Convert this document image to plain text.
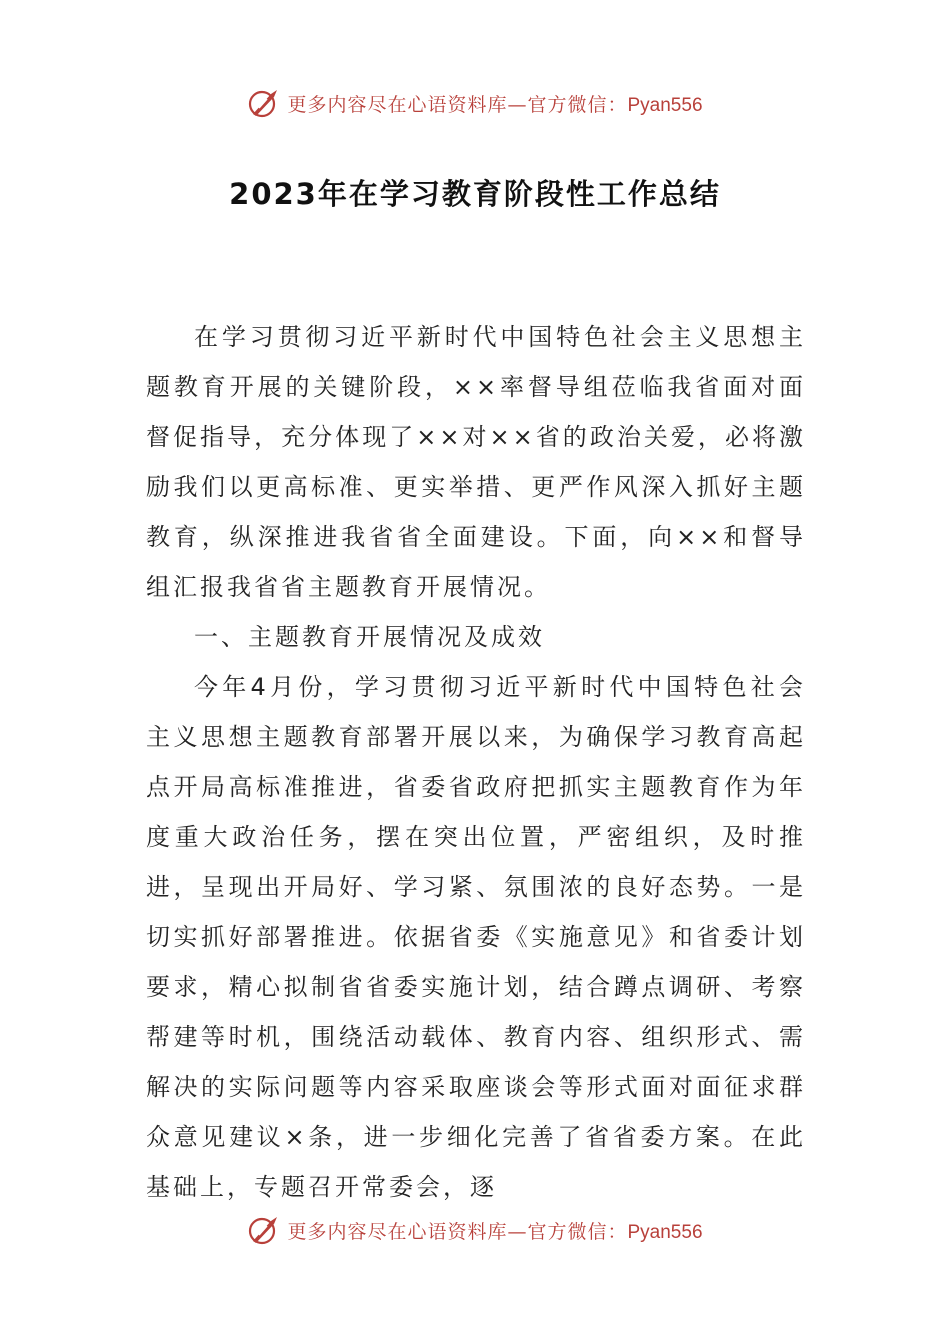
更多内容尽在心语资料库—官方微信：Pyan556
2023年在学习教育阶段性工作总结

在学习贯彻习近平新时代中国特色社会主义思想主题教育开展的关键阶段，××率督导组莅临我省面对面督促指导，充分体现了××对××省的政治关爱，必将激励我们以更高标准、更实举措、更严作风深入抓好主题教育，纵深推进我省省全面建设。下面，向××和督导组汇报我省省主题教育开展情况。

一、主题教育开展情况及成效

今年4月份，学习贯彻习近平新时代中国特色社会主义思想主题教育部署开展以来，为确保学习教育高起点开局高标准推进，省委省政府把抓实主题教育作为年度重大政治任务，摆在突出位置，严密组织，及时推进，呈现出开局好、学习紧、氛围浓的良好态势。一是切实抓好部署推进。依据省委《实施意见》和省委计划要求，精心拟制省省委实施计划，结合蹲点调研、考察帮建等时机，围绕活动载体、教育内容、组织形式、需解决的实际问题等内容采取座谈会等形式面对面征求群众意见建议×条，进一步细化完善了省省委方案。在此基础上，专题召开常委会，逐

更多内容尽在心语资料库—官方微信：Pyan556
